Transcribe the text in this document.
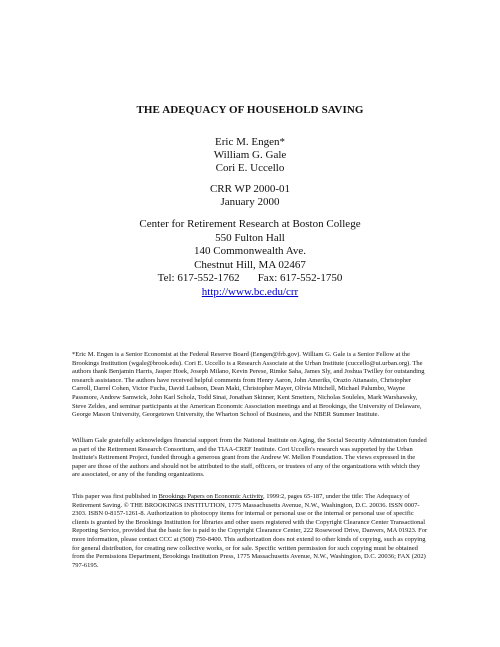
THE ADEQUACY OF HOUSEHOLD SAVING
Eric M. Engen*
William G. Gale
Cori E. Uccello
CRR WP 2000-01
January 2000
Center for Retirement Research at Boston College
550 Fulton Hall
140 Commonwealth Ave.
Chestnut Hill, MA 02467
Tel: 617-552-1762 Fax: 617-552-1750
http://www.bc.edu/crr
*Eric M. Engen is a Senior Economist at the Federal Reserve Board (Eengen@frb.gov). William G. Gale is a Senior Fellow at the Brookings Institution (wgale@brook.edu). Cori E. Uccello is a Research Associate at the Urban Institute (cuccello@ui.urban.org). The authors thank Benjamin Harris, Jasper Hoek, Joseph Milano, Kevin Perese, Rimke Saha, James Sly, and Joshua Twilley for outstanding research assistance. The authors have received helpful comments from Henry Aaron, John Ameriks, Orazio Attanasio, Christopher Carroll, Darrel Cohen, Victor Fuchs, David Laibson, Dean Maki, Christopher Mayer, Olivia Mitchell, Michael Palumbo, Wayne Passmore, Andrew Samwick, John Karl Scholz, Todd Sinai, Jonathan Skinner, Kent Smetters, Nicholas Souleles, Mark Warshawsky, Steve Zeldes, and seminar participants at the American Economic Association meetings and at Brookings, the University of Delaware, George Mason University, Georgetown University, the Wharton School of Business, and the NBER Summer Institute.
William Gale gratefully acknowledges financial support from the National Institute on Aging, the Social Security Administration funded as part of the Retirement Research Consortium, and the TIAA-CREF Institute. Cori Uccello's research was supported by the Urban Institute's Retirement Project, funded through a generous grant from the Andrew W. Mellon Foundation. The views expressed in the paper are those of the authors and should not be attributed to the staff, officers, or trustees of any of the organizations with which they are associated, or any of the funding organizations.
This paper was first published in Brookings Papers on Economic Activity, 1999:2, pages 65-187, under the title: The Adequacy of Retirement Saving. © THE BROOKINGS INSTITUTION, 1775 Massachusetts Avenue, N.W., Washington, D.C. 20036. ISSN 0007-2303. ISBN 0-8157-1261-8. Authorization to photocopy items for internal or personal use or the internal or personal use of specific clients is granted by the Brookings Institution for libraries and other users registered with the Copyright Clearance Center Transactional Reporting Service, provided that the basic fee is paid to the Copyright Clearance Center, 222 Rosewood Drive, Danvers, MA 01923. For more information, please contact CCC at (508) 750-8400. This authorization does not extend to other kinds of copying, such as copying for general distribution, for creating new collective works, or for sale. Specific written permission for such copying must be obtained from the Permissions Department, Brookings Institution Press, 1775 Massachusetts Avenue, N.W., Washington, D.C. 20036; FAX (202) 797-6195.
